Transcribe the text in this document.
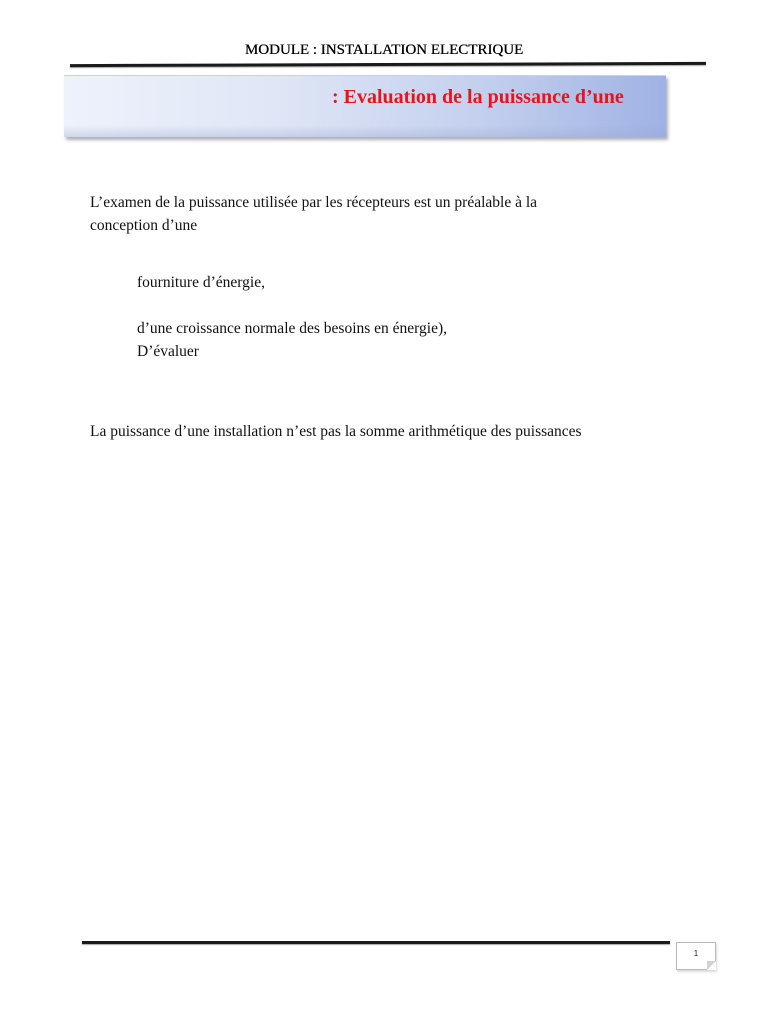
MODULE : INSTALLATION ELECTRIQUE
: Evaluation de la puissance d’une
L’examen de la puissance utilisée par les récepteurs est un préalable à la
conception d’une
fourniture d’énergie,
d’une croissance normale des besoins en énergie),
D’évaluer
La puissance d’une installation n’est pas la somme arithmétique des puissances
1
